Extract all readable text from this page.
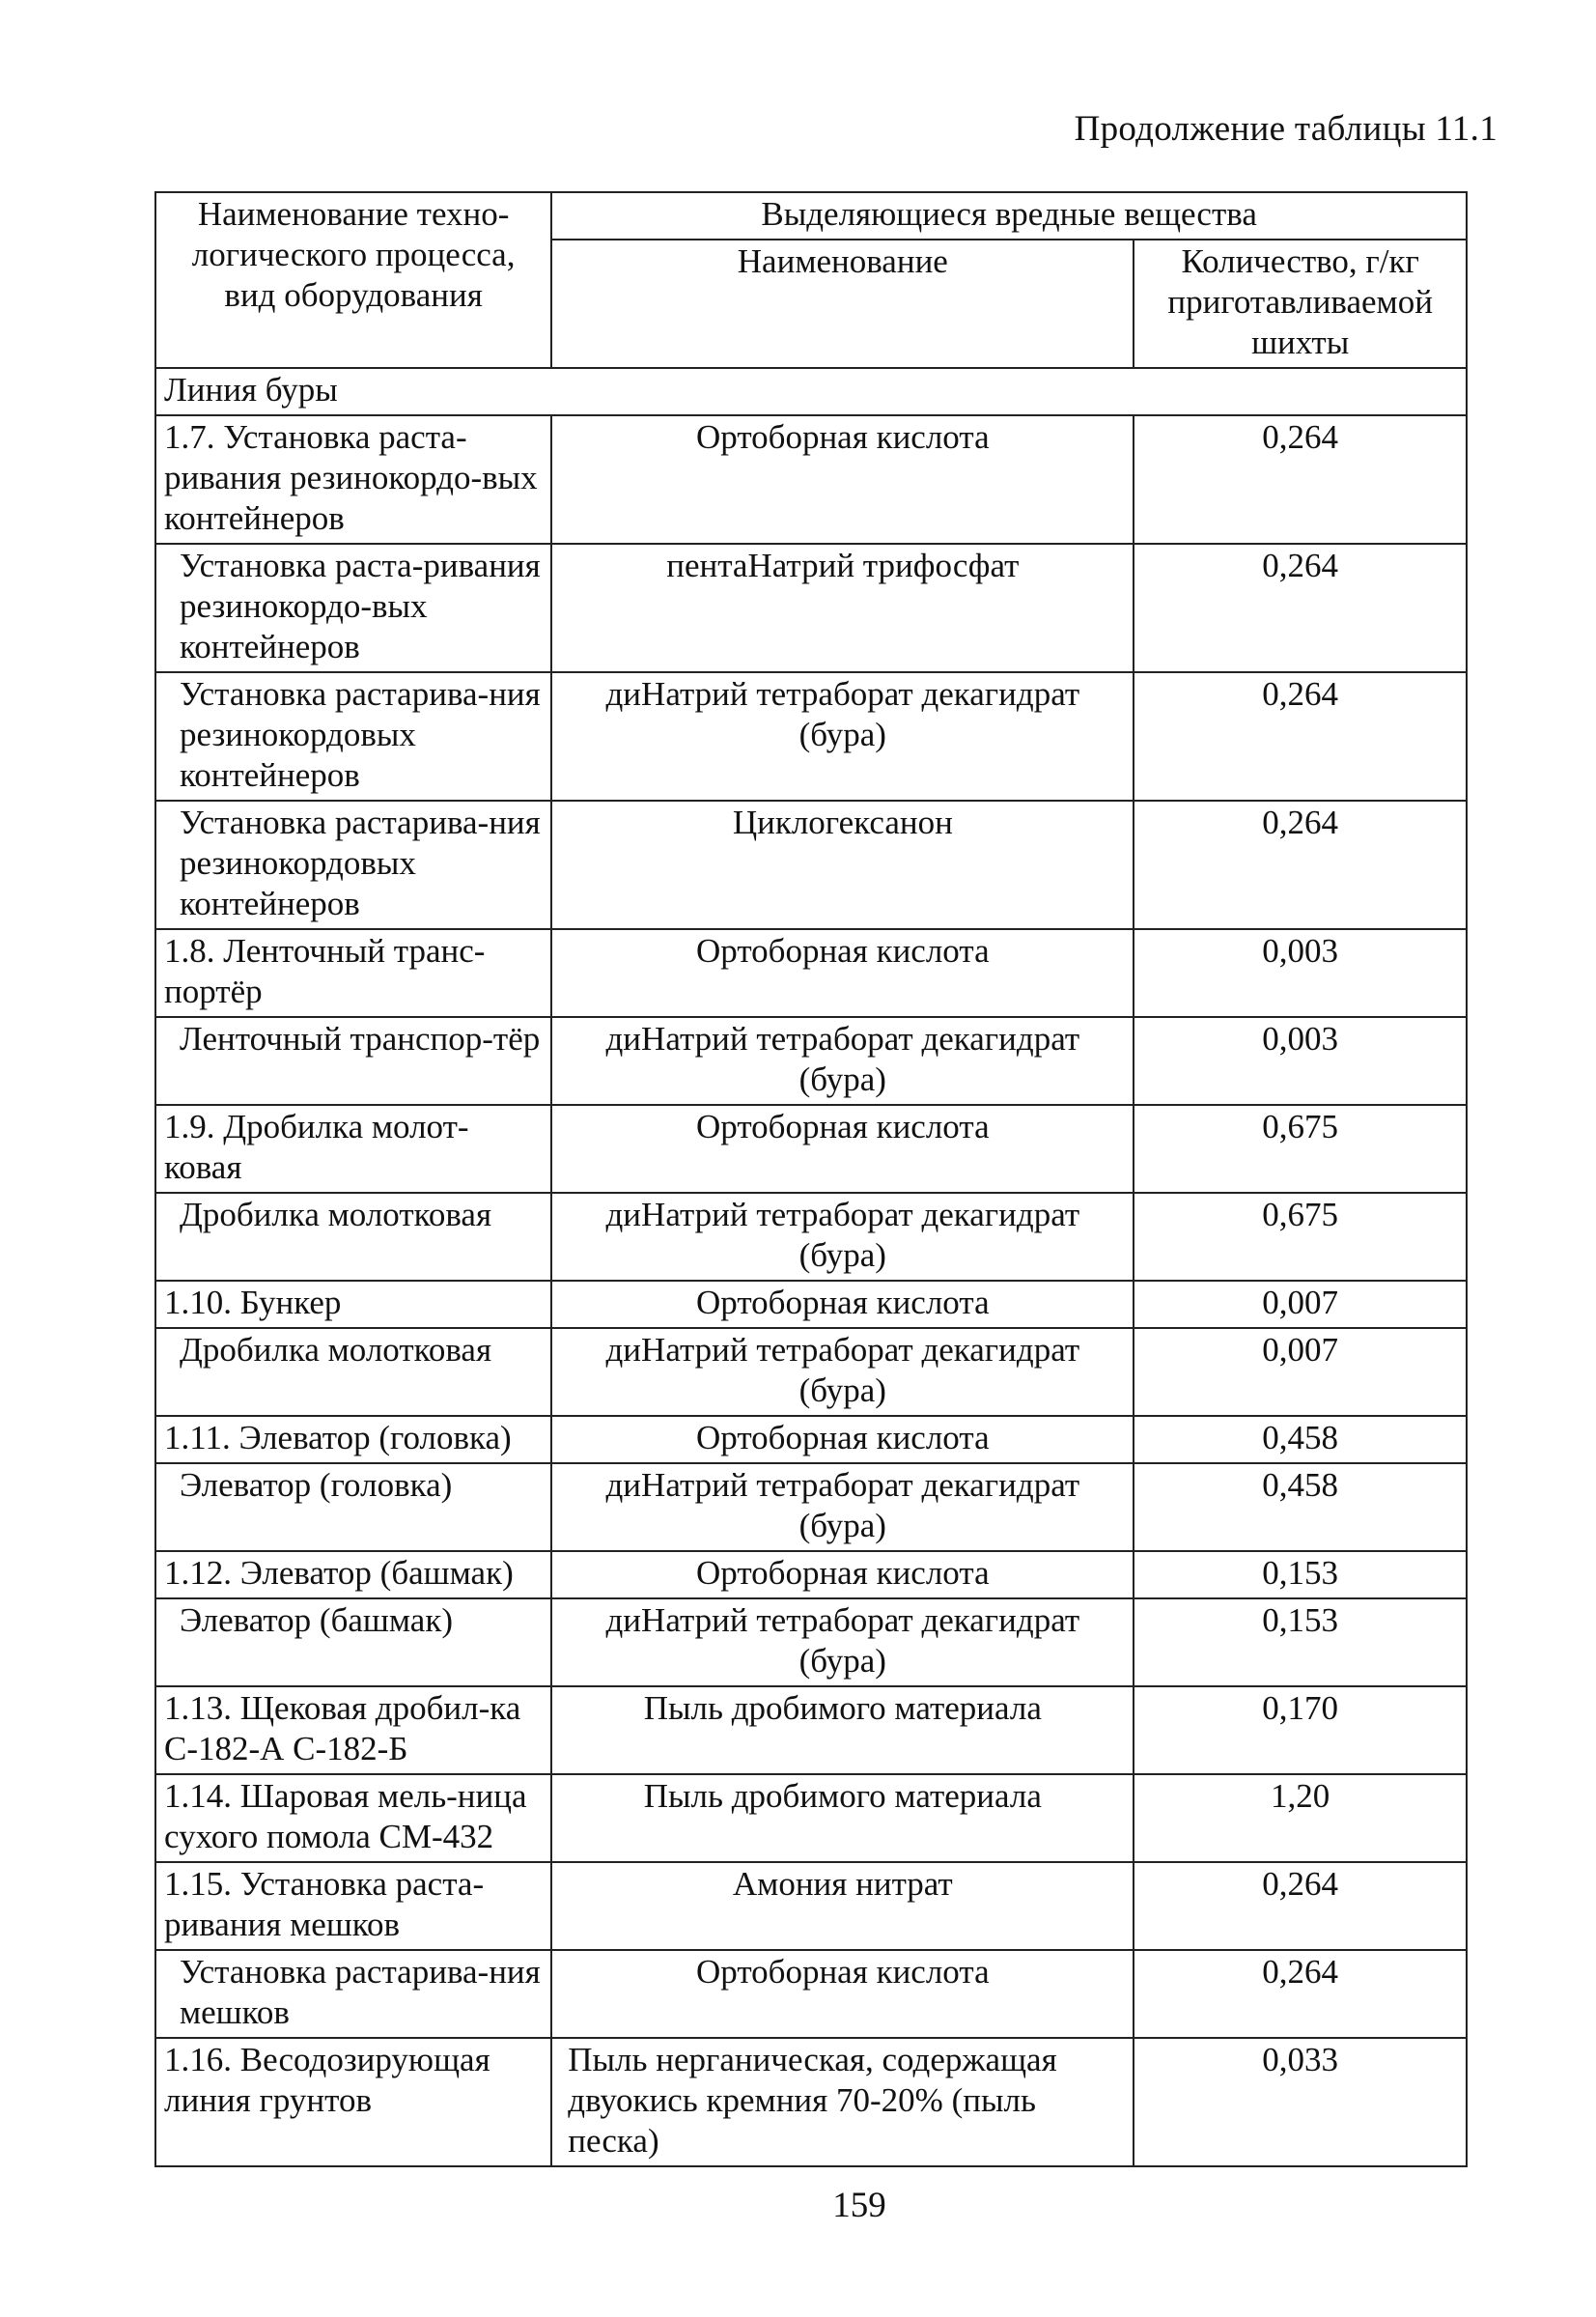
Продолжение таблицы 11.1
Наименование техно-логического процесса, вид оборудования	Выделяющиеся вредные вещества	
	Наименование	Количество, г/кг приготавливаемой шихты
Линия буры		
1.7. Установка раста-ривания резинокордо-вых контейнеров	Ортоборная кислота	0,264
Установка раста-ривания резинокордо-вых контейнеров	пентаНатрий трифосфат	0,264
Установка растарива-ния резинокордовых контейнеров	диНатрий тетраборат декагидрат (бура)	0,264
Установка растарива-ния резинокордовых контейнеров	Циклогексанон	0,264
1.8. Ленточный транс-портёр	Ортоборная кислота	0,003
Ленточный транспор-тёр	диНатрий тетраборат декагидрат (бура)	0,003
1.9. Дробилка молот-ковая	Ортоборная кислота	0,675
Дробилка молотковая	диНатрий тетраборат декагидрат (бура)	0,675
1.10. Бункер	Ортоборная кислота	0,007
Дробилка молотковая	диНатрий тетраборат декагидрат (бура)	0,007
1.11. Элеватор (головка)	Ортоборная кислота	0,458
Элеватор (головка)	диНатрий тетраборат декагидрат (бура)	0,458
1.12. Элеватор (башмак)	Ортоборная кислота	0,153
Элеватор (башмак)	диНатрий тетраборат декагидрат (бура)	0,153
1.13. Щековая дробил-ка С-182-А С-182-Б	Пыль дробимого материала	0,170
1.14. Шаровая мель-ница сухого помола СМ-432	Пыль дробимого материала	1,20
1.15. Установка раста-ривания мешков	Амония нитрат	0,264
Установка растарива-ния мешков	Ортоборная кислота	0,264
1.16. Весодозирующая линия грунтов	Пыль нерганическая, содержащая двуокись кремния 70-20% (пыль песка)	0,033
159
